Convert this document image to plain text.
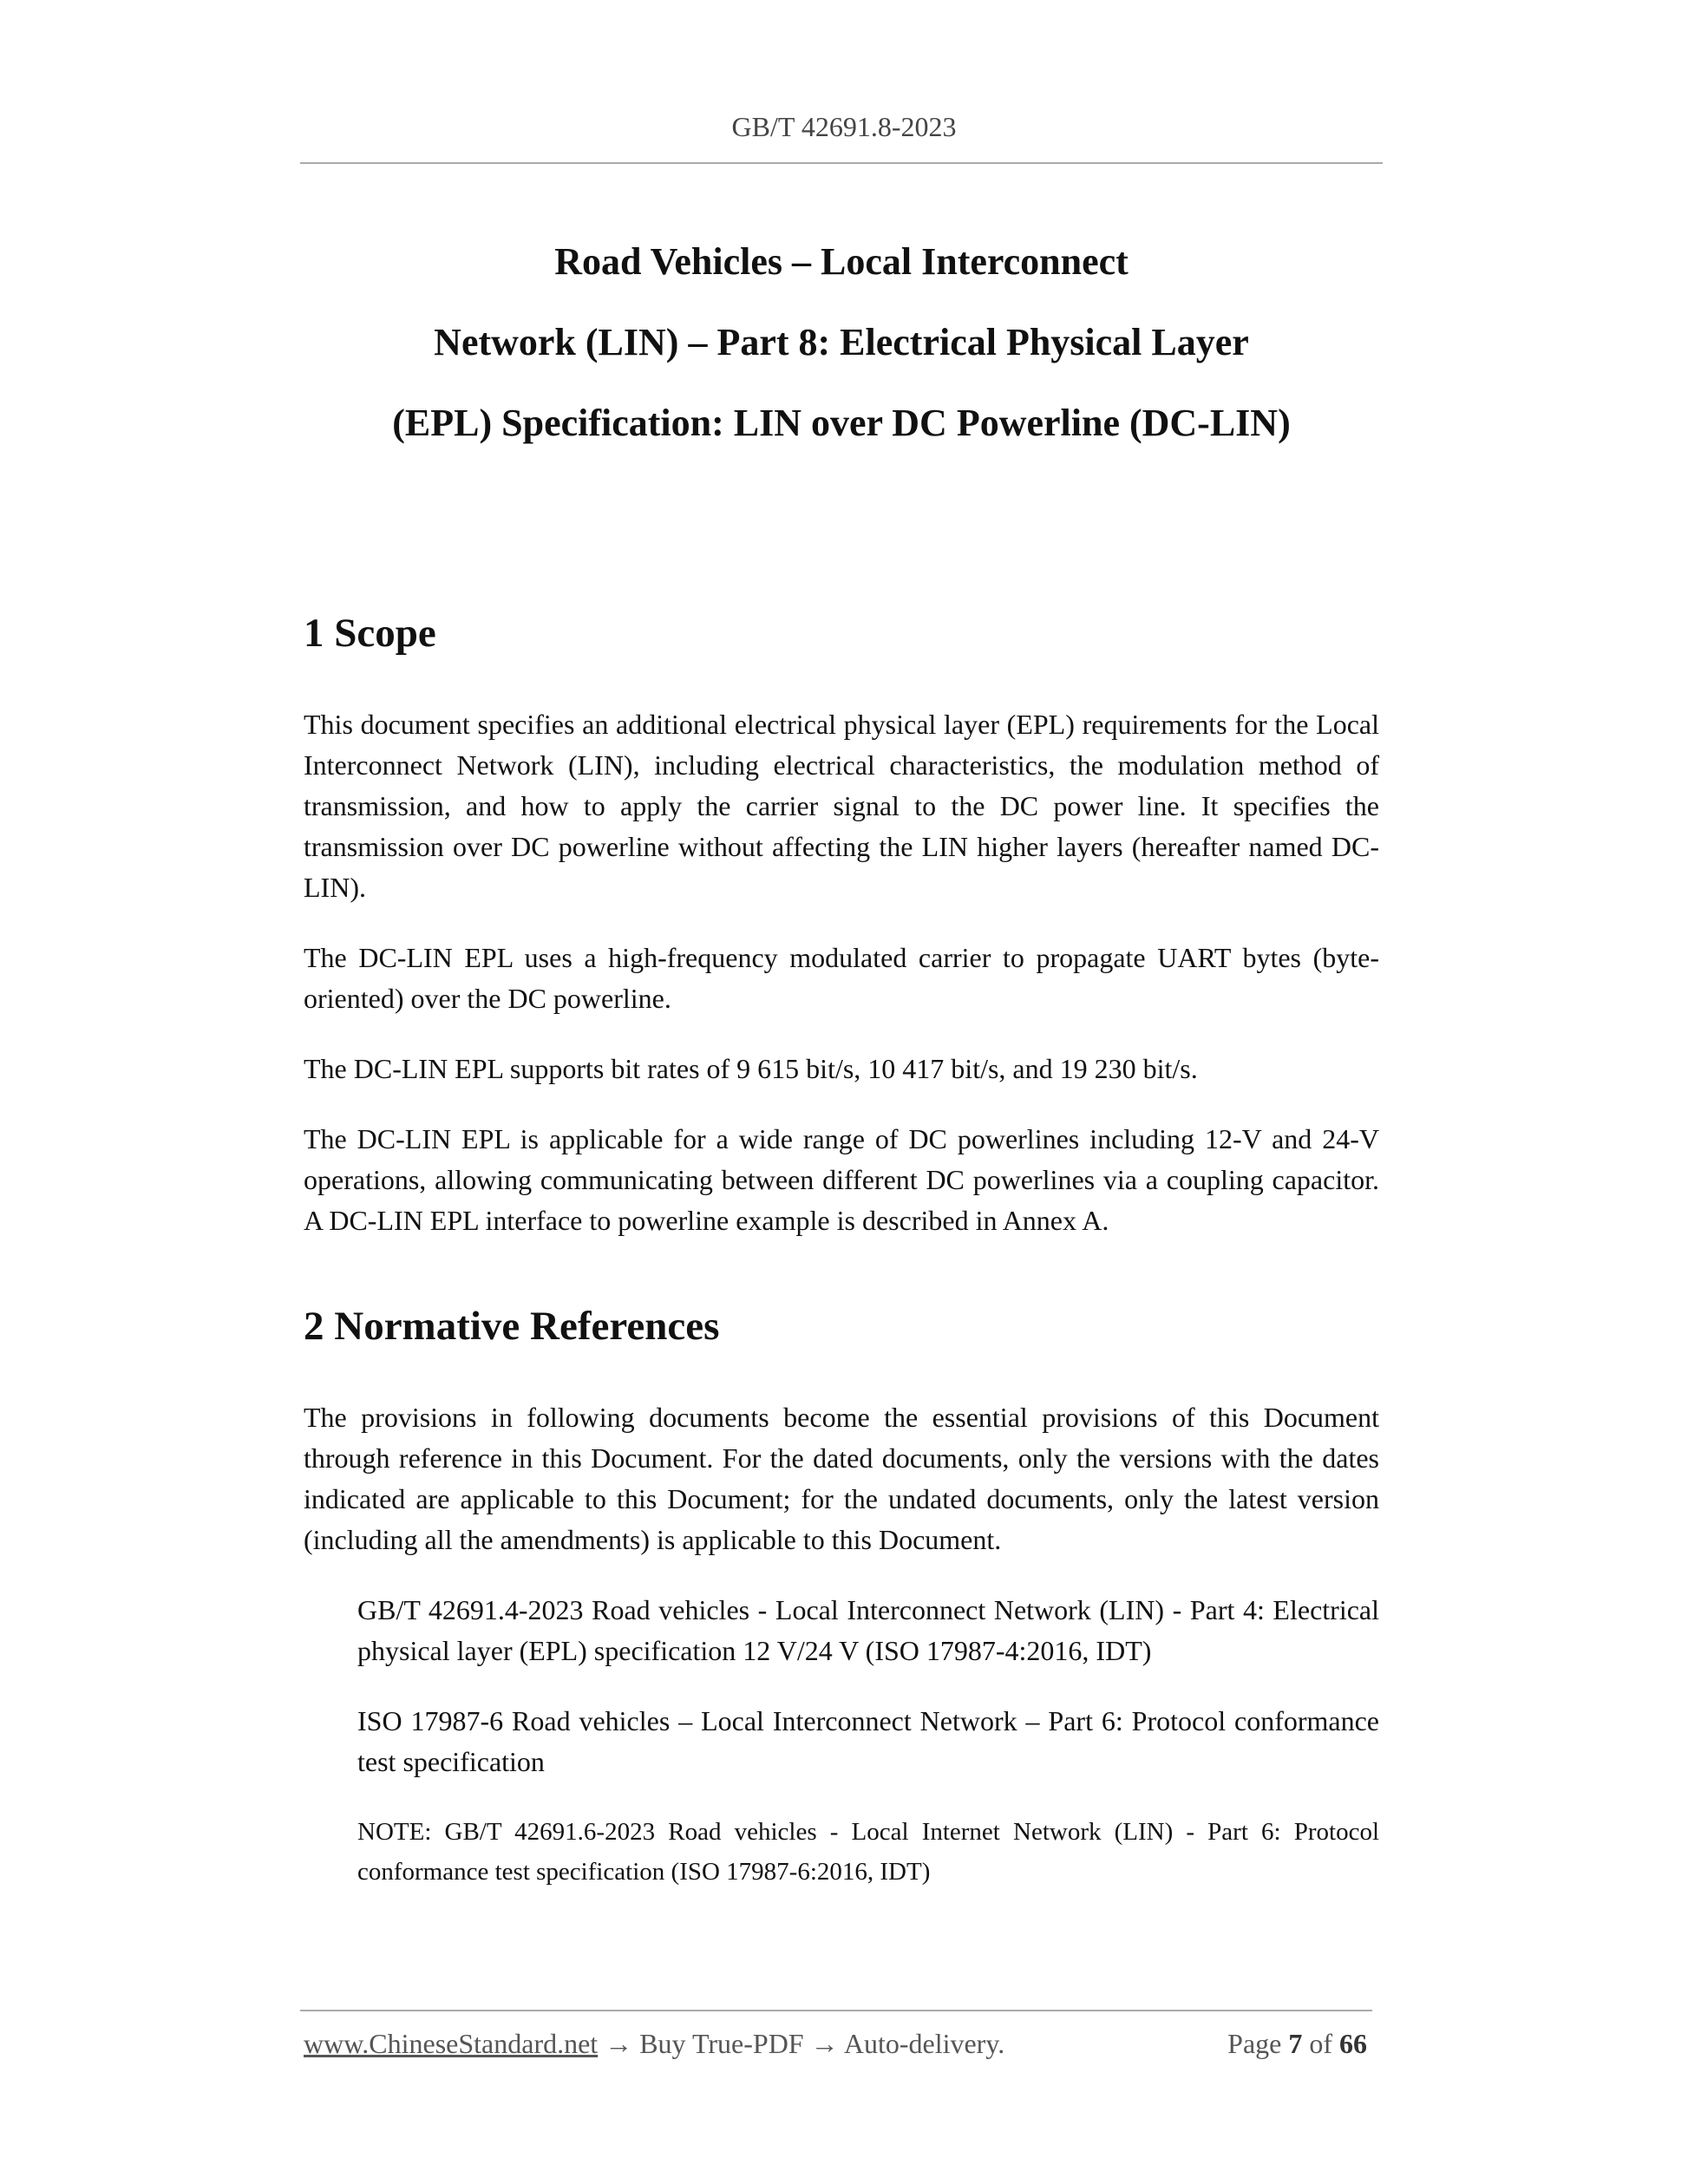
GB/T 42691.8-2023
Road Vehicles – Local Interconnect
Network (LIN) – Part 8: Electrical Physical Layer
(EPL) Specification: LIN over DC Powerline (DC-LIN)
1 Scope

This document specifies an additional electrical physical layer (EPL) requirements for the Local Interconnect Network (LIN), including electrical characteristics, the modulation method of transmission, and how to apply the carrier signal to the DC power line. It specifies the transmission over DC powerline without affecting the LIN higher layers (hereafter named DC-LIN).

The DC-LIN EPL uses a high-frequency modulated carrier to propagate UART bytes (byte-oriented) over the DC powerline.

The DC-LIN EPL supports bit rates of 9 615 bit/s, 10 417 bit/s, and 19 230 bit/s.

The DC-LIN EPL is applicable for a wide range of DC powerlines including 12-V and 24-V operations, allowing communicating between different DC powerlines via a coupling capacitor. A DC-LIN EPL interface to powerline example is described in Annex A.

2 Normative References

The provisions in following documents become the essential provisions of this Document through reference in this Document. For the dated documents, only the versions with the dates indicated are applicable to this Document; for the undated documents, only the latest version (including all the amendments) is applicable to this Document.

GB/T 42691.4-2023 Road vehicles - Local Interconnect Network (LIN) - Part 4: Electrical physical layer (EPL) specification 12 V/24 V (ISO 17987-4:2016, IDT)

ISO 17987-6 Road vehicles – Local Interconnect Network – Part 6: Protocol conformance test specification

NOTE: GB/T 42691.6-2023 Road vehicles - Local Internet Network (LIN) - Part 6: Protocol conformance test specification (ISO 17987-6:2016, IDT)

www.ChineseStandard.net → Buy True-PDF → Auto-delivery.	Page 7 of 66
